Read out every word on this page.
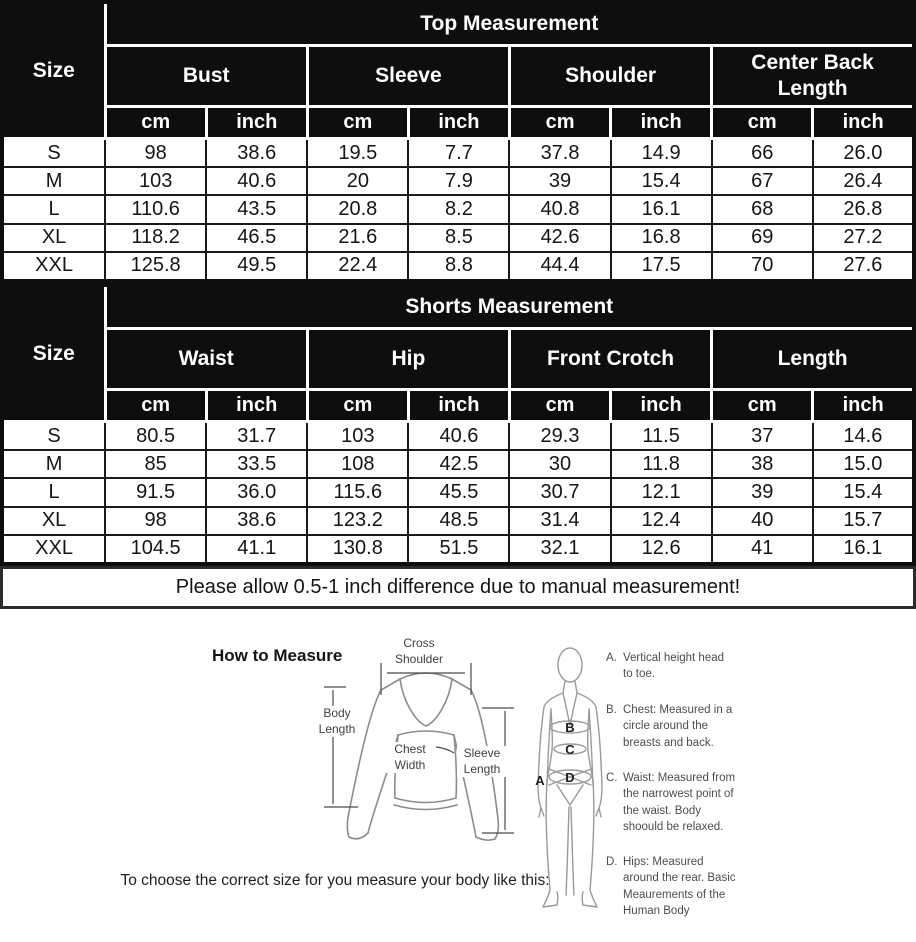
Size	Top Measurement							
	Bust		Sleeve		Shoulder		Center Back Length	
	cm	inch	cm	inch	cm	inch	cm	inch
S	98	38.6	19.5	7.7	37.8	14.9	66	26.0
M	103	40.6	20	7.9	39	15.4	67	26.4
L	110.6	43.5	20.8	8.2	40.8	16.1	68	26.8
XL	118.2	46.5	21.6	8.5	42.6	16.8	69	27.2
XXL	125.8	49.5	22.4	8.8	44.4	17.5	70	27.6
Size	Shorts Measurement							
	Waist		Hip		Front Crotch		Length	
	cm	inch	cm	inch	cm	inch	cm	inch
S	80.5	31.7	103	40.6	29.3	11.5	37	14.6
M	85	33.5	108	42.5	30	11.8	38	15.0
L	91.5	36.0	115.6	45.5	30.7	12.1	39	15.4
XL	98	38.6	123.2	48.5	31.4	12.4	40	15.7
XXL	104.5	41.1	130.8	51.5	32.1	12.6	41	16.1
Please allow 0.5-1 inch difference due to manual measurement!
How to Measure
Cross Shoulder
Body Length
Chest Width
Sleeve Length
A
B
C
D
A. Vertical height head to toe.
B. Chest: Measured in a circle around the breasts and back.
C. Waist: Measured from the narrowest point of the waist. Body shoould be relaxed.
D. Hips: Measured around the rear. Basic Meaurements of the Human Body
To choose the correct size for you measure your body like this:
